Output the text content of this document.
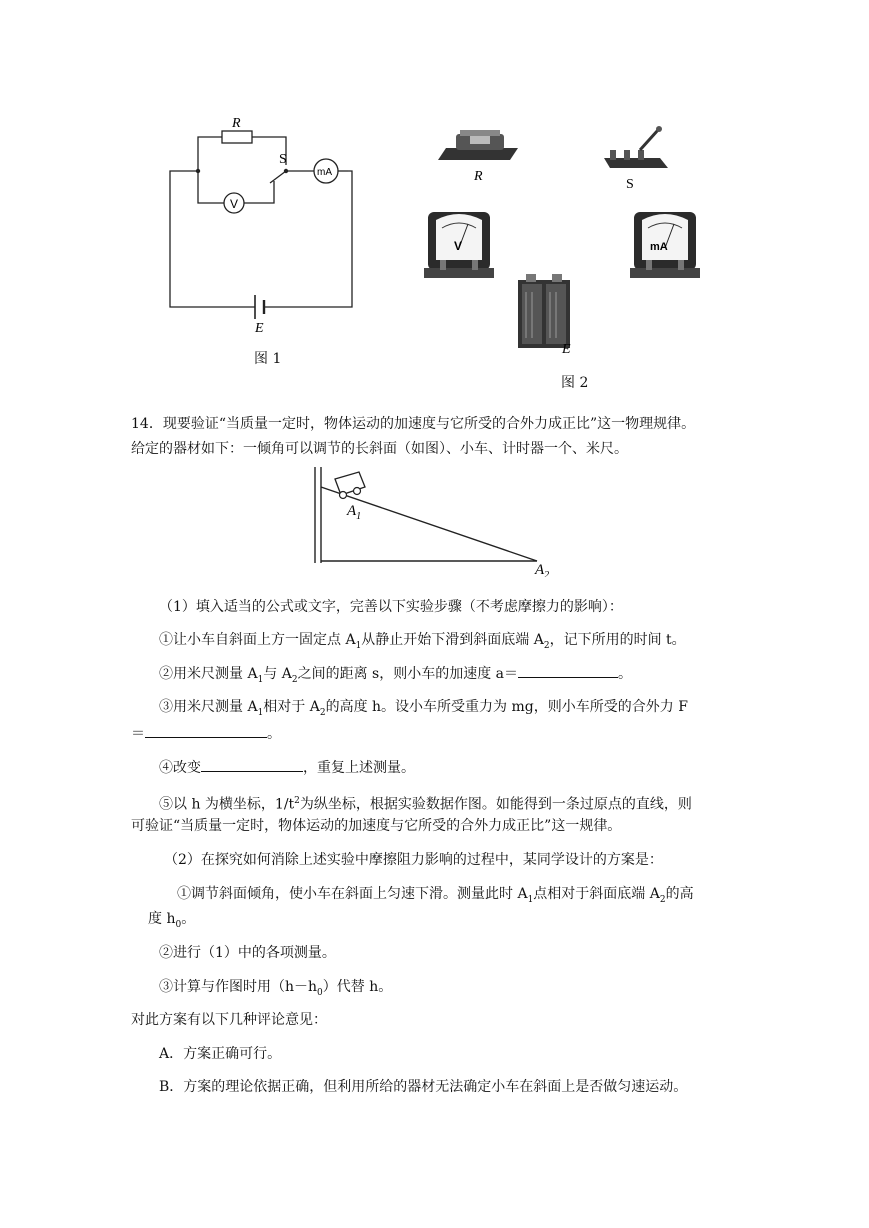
R
S
mA
V
E
图 1
R
S
V	mA
E
图 2
14．现要验证“当质量一定时，物体运动的加速度与它所受的合外力成正比”这一物理规律。
给定的器材如下：一倾角可以调节的长斜面（如图）、小车、计时器一个、米尺。
$A_1$
$A_2$
（1）填入适当的公式或文字，完善以下实验步骤（不考虑摩擦力的影响）：
①让小车自斜面上方一固定点 $A_1$从静止开始下滑到斜面底端 $A_2$，记下所用的时间 t。
②用米尺测量 $A_1$与 $A_2$之间的距离 s，则小车的加速度 a＝	。
③用米尺测量 $A_1$相对于 $A_2$的高度 h。设小车所受重力为 mg，则小车所受的合外力 F
＝	。
④改变	，重复上述测量。
⑤以 h 为横坐标，$1/t^2$为纵坐标，根据实验数据作图。如能得到一条过原点的直线，则
可验证“当质量一定时，物体运动的加速度与它所受的合外力成正比”这一规律。
（2）在探究如何消除上述实验中摩擦阻力影响的过程中，某同学设计的方案是：
①调节斜面倾角，使小车在斜面上匀速下滑。测量此时 $A_1$点相对于斜面底端 $A_2$的高
度 $h_0$。
②进行（1）中的各项测量。
③计算与作图时用$(h-h_0)$代替 h。
对此方案有以下几种评论意见：
A．方案正确可行。
B．方案的理论依据正确，但利用所给的器材无法确定小车在斜面上是否做匀速运动。
